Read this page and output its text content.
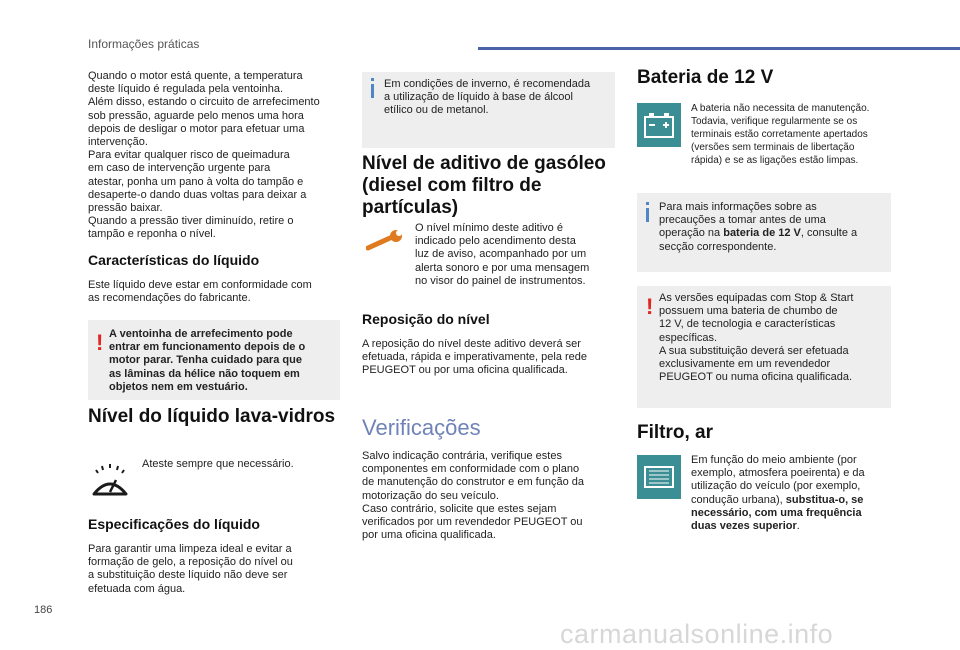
Informações práticas

Quando o motor está quente, a temperatura
deste líquido é regulada pela ventoinha.
Além disso, estando o circuito de arrefecimento
sob pressão, aguarde pelo menos uma hora
depois de desligar o motor para efetuar uma
intervenção.
Para evitar qualquer risco de queimadura
em caso de intervenção urgente para
atestar, ponha um pano à volta do tampão e
desaperte-o dando duas voltas para deixar a
pressão baixar.
Quando a pressão tiver diminuído, retire o
tampão e reponha o nível.

Características do líquido

Este líquido deve estar em conformidade com
as recomendações do fabricante.

! A ventoinha de arrefecimento pode
entrar em funcionamento depois de o
motor parar. Tenha cuidado para que
as lâminas da hélice não toquem em
objetos nem em vestuário.

Nível do líquido lava-vidros

Ateste sempre que necessário.

Especificações do líquido

Para garantir uma limpeza ideal e evitar a
formação de gelo, a reposição do nível ou
a substituição deste líquido não deve ser
efetuada com água.

Em condições de inverno, é recomendada
a utilização de líquido à base de álcool
etílico ou de metanol.

Nível de aditivo de gasóleo
(diesel com filtro de
partículas)

O nível mínimo deste aditivo é
indicado pelo acendimento desta
luz de aviso, acompanhado por um
alerta sonoro e por uma mensagem
no visor do painel de instrumentos.

Reposição do nível

A reposição do nível deste aditivo deverá ser
efetuada, rápida e imperativamente, pela rede
PEUGEOT ou por uma oficina qualificada.

Verificações

Salvo indicação contrária, verifique estes
componentes em conformidade com o plano
de manutenção do construtor e em função da
motorização do seu veículo.
Caso contrário, solicite que estes sejam
verificados por um revendedor PEUGEOT ou
por uma oficina qualificada.

Bateria de 12 V

A bateria não necessita de manutenção.
Todavia, verifique regularmente se os
terminais estão corretamente apertados
(versões sem terminais de libertação
rápida) e se as ligações estão limpas.

Para mais informações sobre as
precauções a tomar antes de uma
operação na bateria de 12 V, consulte a
secção correspondente.

! As versões equipadas com Stop & Start
possuem uma bateria de chumbo de
12 V, de tecnologia e características
específicas.
A sua substituição deverá ser efetuada
exclusivamente em um revendedor
PEUGEOT ou numa oficina qualificada.

Filtro, ar

Em função do meio ambiente (por
exemplo, atmosfera poeirenta) e da
utilização do veículo (por exemplo,
condução urbana), substitua-o, se
necessário, com uma frequência
duas vezes superior.

186
carmanualsonline.info
